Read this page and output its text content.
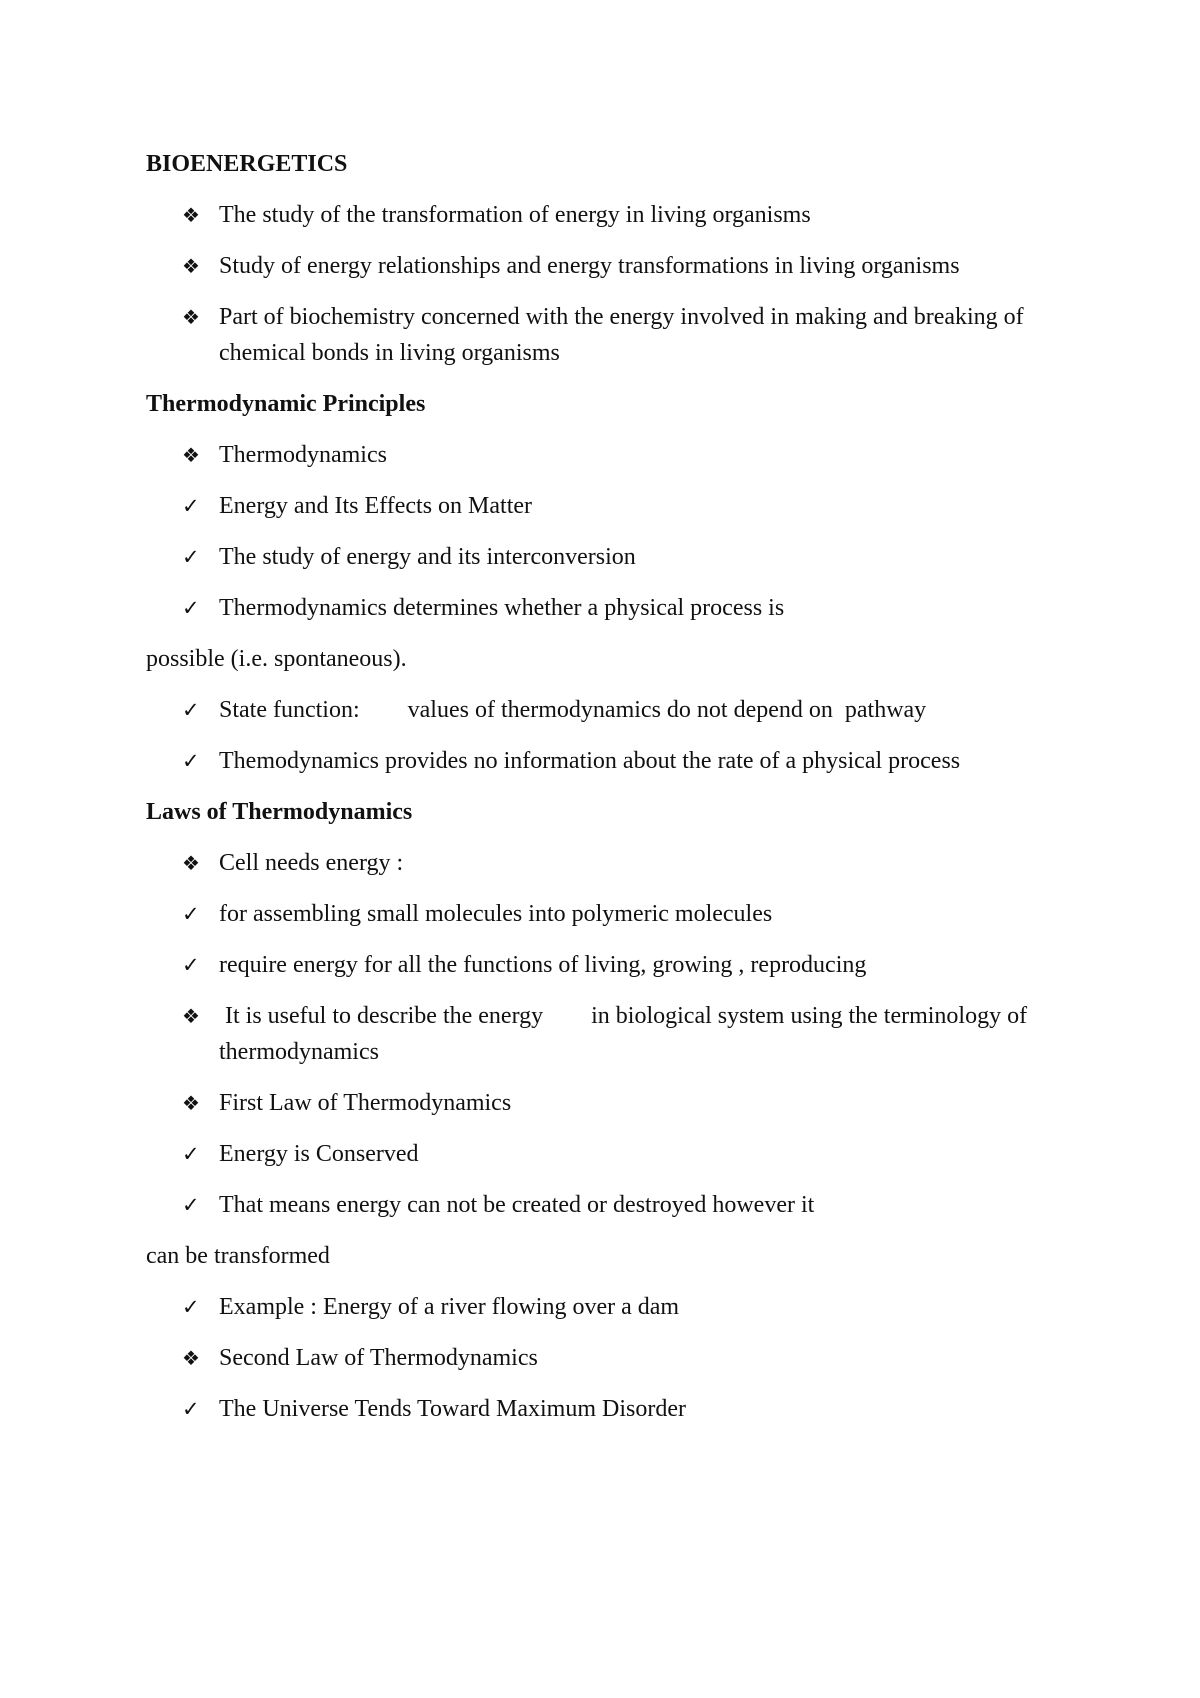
BIOENERGETICS
❖ The study of the transformation of energy in living organisms
❖ Study of energy relationships and energy transformations in living organisms
❖ Part of biochemistry concerned with the energy involved in making and breaking of chemical bonds in living organisms
Thermodynamic Principles
❖ Thermodynamics
✓ Energy and Its Effects on Matter
✓ The study of energy and its interconversion
✓ Thermodynamics determines whether a physical process is
possible (i.e. spontaneous).
✓ State function:        values of thermodynamics do not depend on  pathway
✓ Themodynamics provides no information about the rate of a physical process
Laws of Thermodynamics
❖ Cell needs energy :
✓ for assembling small molecules into polymeric molecules
✓ require energy for all the functions of living, growing , reproducing
❖ It is useful to describe the energy        in biological system using the terminology of thermodynamics
❖ First Law of Thermodynamics
✓ Energy is Conserved
✓ That means energy can not be created or destroyed however it
can be transformed
✓ Example : Energy of a river flowing over a dam
❖ Second Law of Thermodynamics
✓ The Universe Tends Toward Maximum Disorder
